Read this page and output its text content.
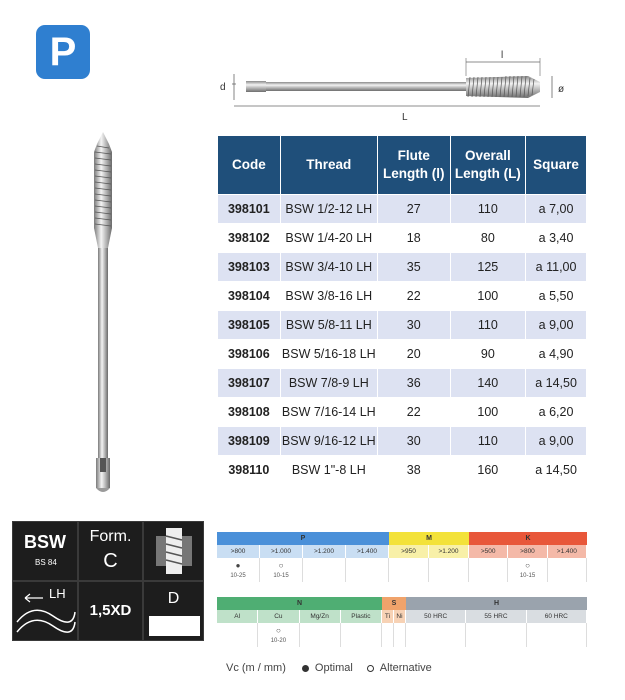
P
d
l
ø
L
Code	Thread	Flute Length (l)	Overall Length (L)	Square
398101	BSW 1/2-12 LH	27	110	a 7,00
398102	BSW 1/4-20 LH	18	80	a 3,40
398103	BSW 3/4-10 LH	35	125	a 11,00
398104	BSW 3/8-16 LH	22	100	a 5,50
398105	BSW 5/8-11 LH	30	110	a 9,00
398106	BSW 5/16-18 LH	20	90	a 4,90
398107	BSW 7/8-9 LH	36	140	a 14,50
398108	BSW 7/16-14 LH	22	100	a 6,20
398109	BSW 9/16-12 LH	30	110	a 9,00
398110	BSW 1"-8 LH	38	160	a 14,50
BSW
BS 84
Form.
C
LH
1,5XD
D
P
>800	>1.000	>1.200	>1.400
●
10-25
○
10-15
M
>950	>1.200
K
>500	>800	>1.400
○
10-15
N
Al	Cu	Mg/Zn	Plastic
○
10-20
S
Ti Ni
H
50 HRC	55 HRC	60 HRC
Vc (m / mm)	Optimal Alternative
